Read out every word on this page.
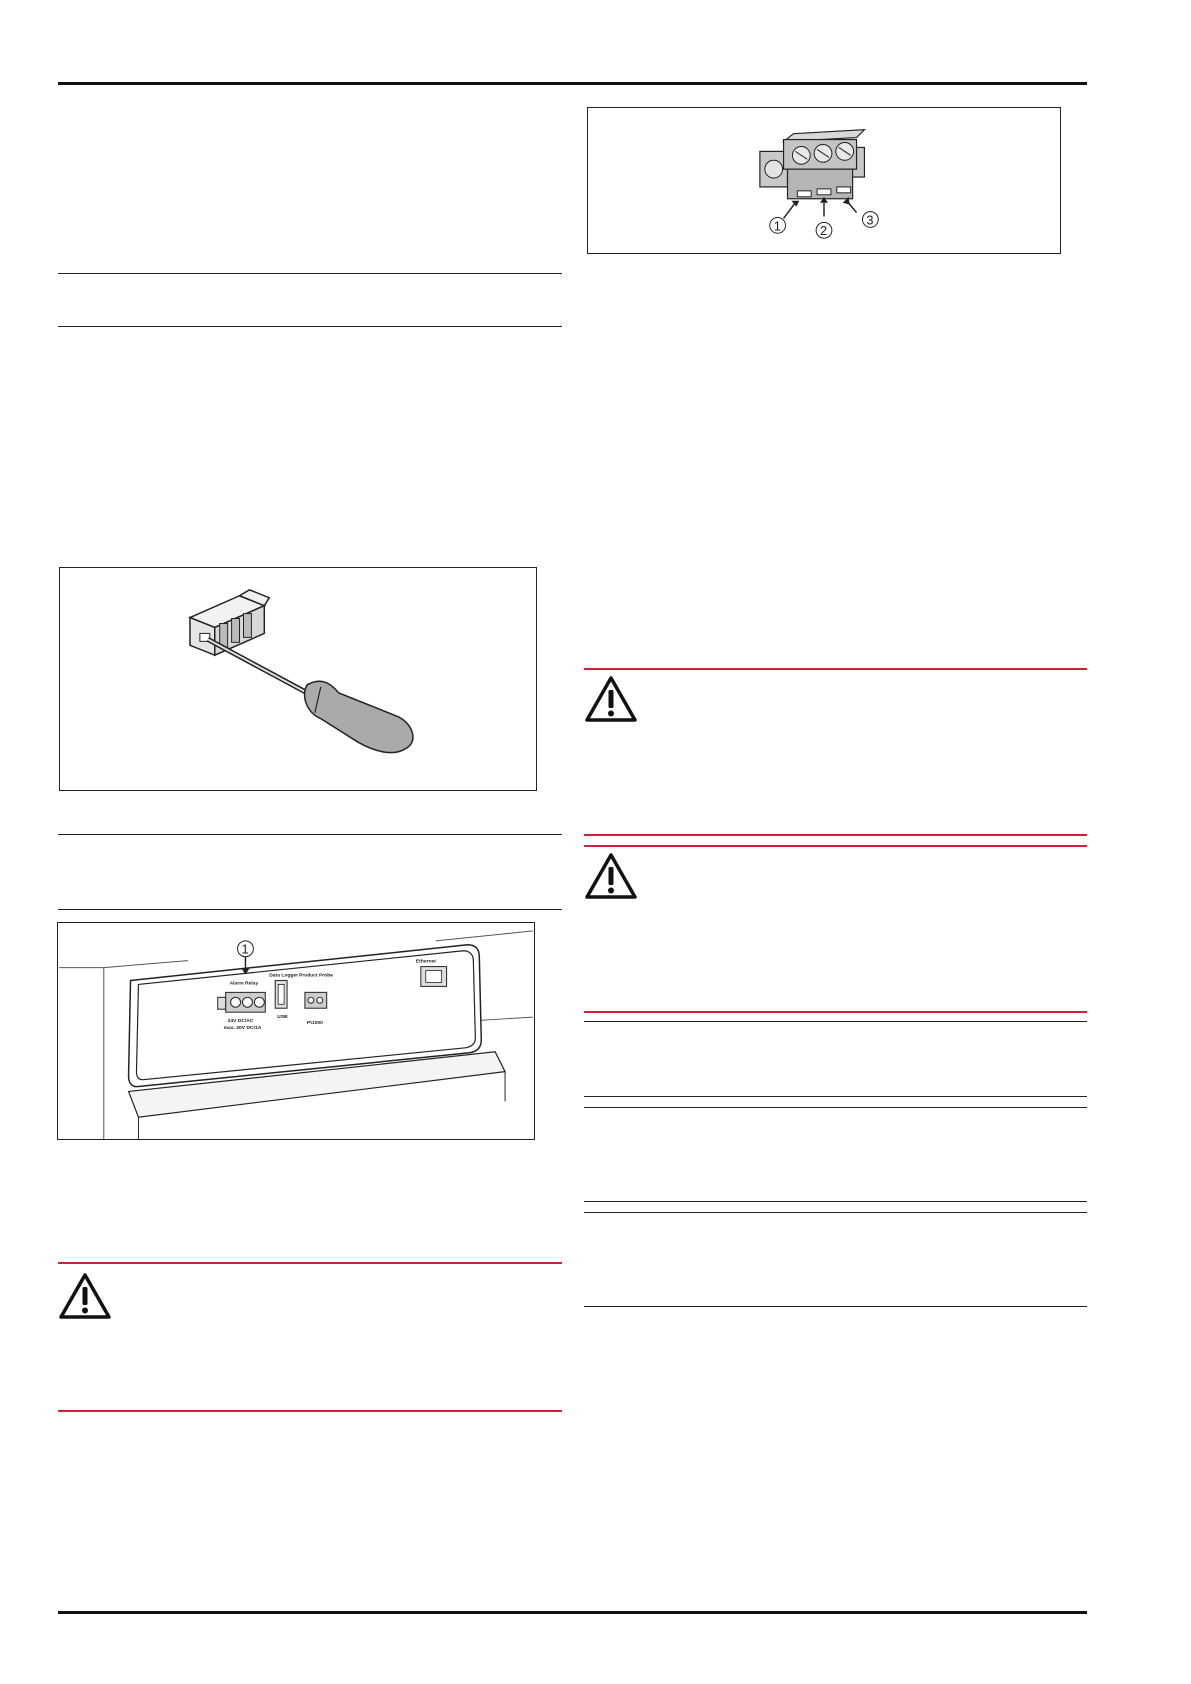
1
Alarm Relay
Data Logger Product Probe
Ethernet
24V DC/AC
max. 30V DC/1A
USB
Pt1000
1	2
3
